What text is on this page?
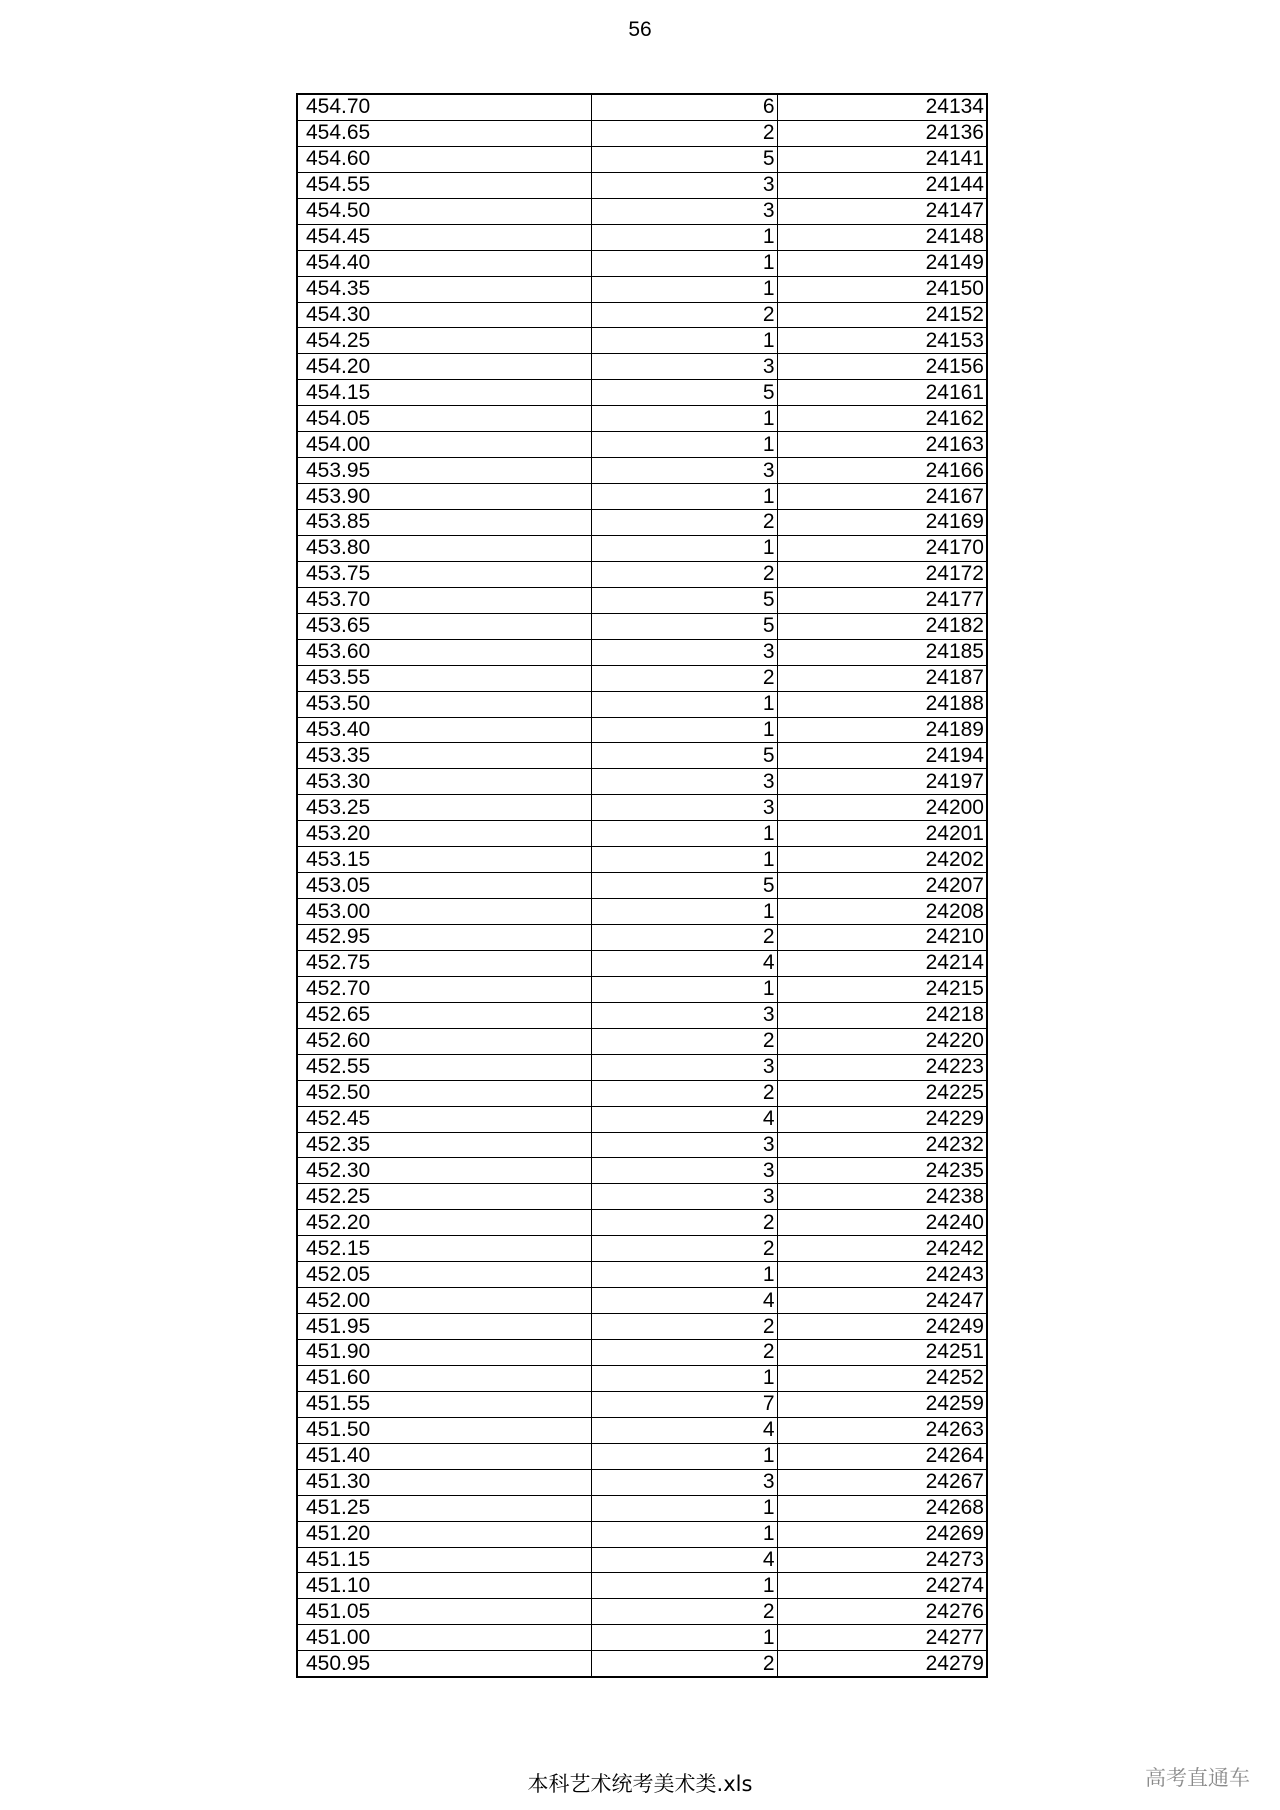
56
454.70	6	24134
454.65	2	24136
454.60	5	24141
454.55	3	24144
454.50	3	24147
454.45	1	24148
454.40	1	24149
454.35	1	24150
454.30	2	24152
454.25	1	24153
454.20	3	24156
454.15	5	24161
454.05	1	24162
454.00	1	24163
453.95	3	24166
453.90	1	24167
453.85	2	24169
453.80	1	24170
453.75	2	24172
453.70	5	24177
453.65	5	24182
453.60	3	24185
453.55	2	24187
453.50	1	24188
453.40	1	24189
453.35	5	24194
453.30	3	24197
453.25	3	24200
453.20	1	24201
453.15	1	24202
453.05	5	24207
453.00	1	24208
452.95	2	24210
452.75	4	24214
452.70	1	24215
452.65	3	24218
452.60	2	24220
452.55	3	24223
452.50	2	24225
452.45	4	24229
452.35	3	24232
452.30	3	24235
452.25	3	24238
452.20	2	24240
452.15	2	24242
452.05	1	24243
452.00	4	24247
451.95	2	24249
451.90	2	24251
451.60	1	24252
451.55	7	24259
451.50	4	24263
451.40	1	24264
451.30	3	24267
451.25	1	24268
451.20	1	24269
451.15	4	24273
451.10	1	24274
451.05	2	24276
451.00	1	24277
450.95	2	24279
本科艺术统考美术类.xls	高考直通车
